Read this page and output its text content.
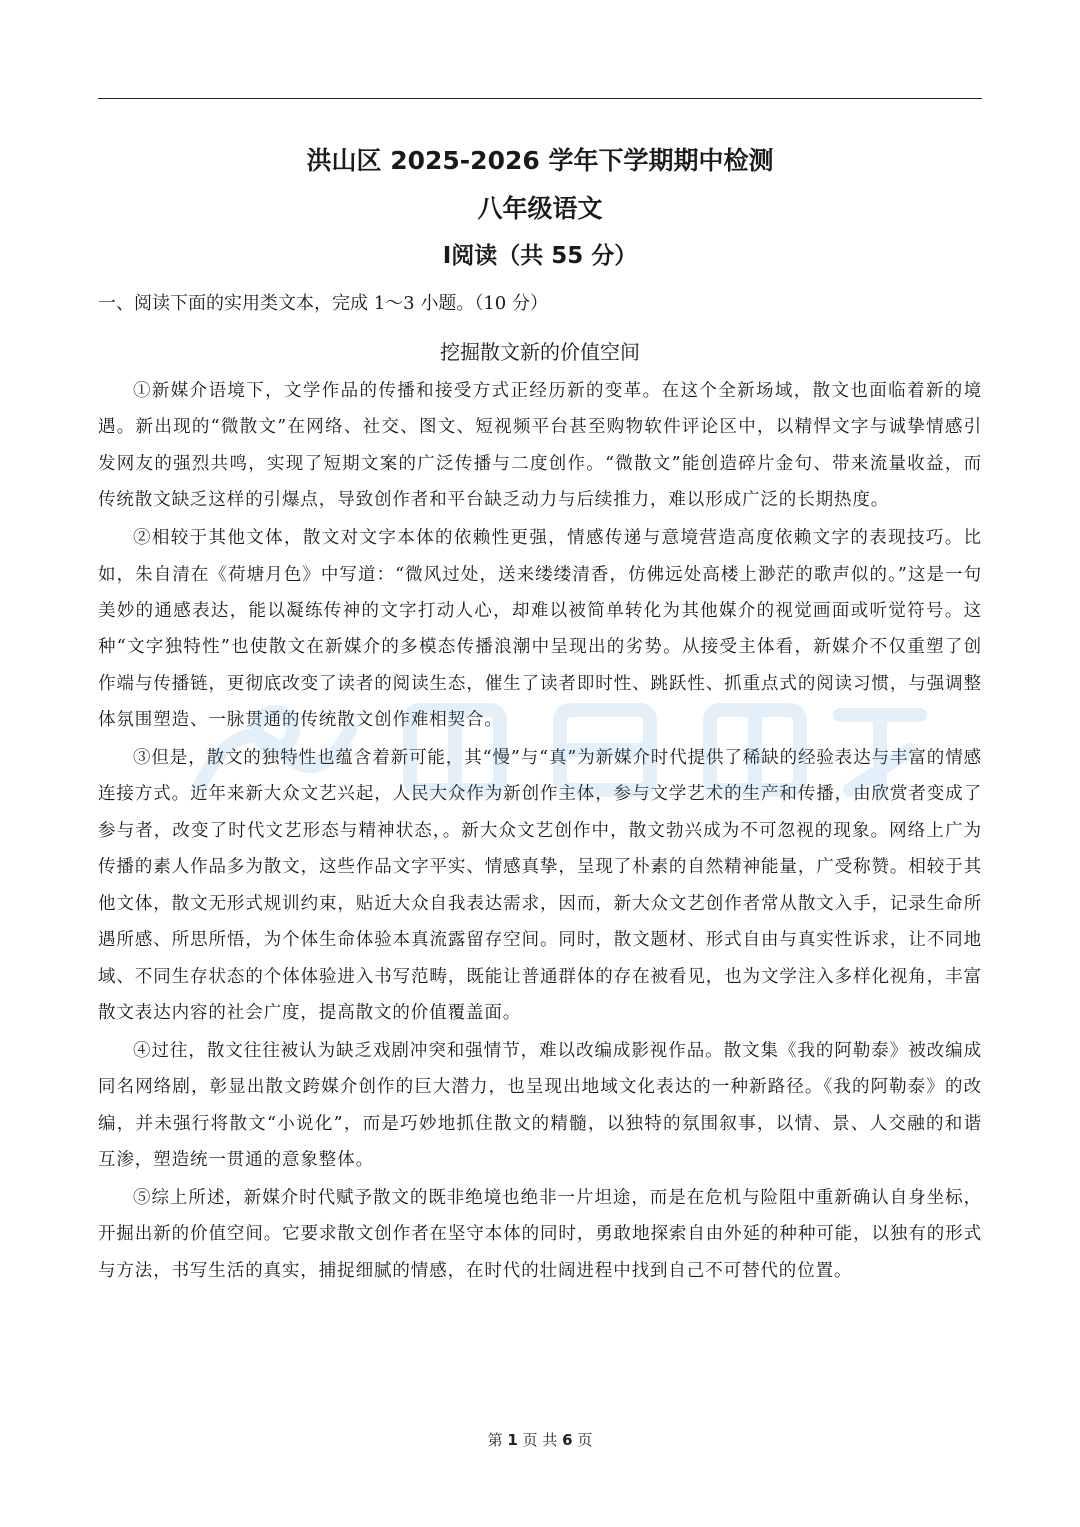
洪山区 2025-2026 学年下学期期中检测
八年级语文
Ⅰ阅读（共 55 分）
一、阅读下面的实用类文本，完成 1～3 小题。（10 分）
挖掘散文新的价值空间

①新媒介语境下，文学作品的传播和接受方式正经历新的变革。在这个全新场域，散文也面临着新的境遇。新出现的“微散文”在网络、社交、图文、短视频平台甚至购物软件评论区中，以精悍文字与诚挚情感引发网友的强烈共鸣，实现了短期文案的广泛传播与二度创作。“微散文”能创造碎片金句、带来流量收益，而传统散文缺乏这样的引爆点，导致创作者和平台缺乏动力与后续推力，难以形成广泛的长期热度。

②相较于其他文体，散文对文字本体的依赖性更强，情感传递与意境营造高度依赖文字的表现技巧。比如，朱自清在《荷塘月色》中写道：“微风过处，送来缕缕清香，仿佛远处高楼上渺茫的歌声似的。”这是一句美妙的通感表达，能以凝练传神的文字打动人心，却难以被简单转化为其他媒介的视觉画面或听觉符号。这种“文字独特性”也使散文在新媒介的多模态传播浪潮中呈现出的劣势。从接受主体看，新媒介不仅重塑了创作端与传播链，更彻底改变了读者的阅读生态，催生了读者即时性、跳跃性、抓重点式的阅读习惯，与强调整体氛围塑造、一脉贯通的传统散文创作难相契合。

③但是，散文的独特性也蕴含着新可能，其“慢”与“真”为新媒介时代提供了稀缺的经验表达与丰富的情感连接方式。近年来新大众文艺兴起，人民大众作为新创作主体，参与文学艺术的生产和传播，由欣赏者变成了参与者，改变了时代文艺形态与精神状态，。新大众文艺创作中，散文勃兴成为不可忽视的现象。网络上广为传播的素人作品多为散文，这些作品文字平实、情感真挚，呈现了朴素的自然精神能量，广受称赞。相较于其他文体，散文无形式规训约束，贴近大众自我表达需求，因而，新大众文艺创作者常从散文入手，记录生命所遇所感、所思所悟，为个体生命体验本真流露留存空间。同时，散文题材、形式自由与真实性诉求，让不同地域、不同生存状态的个体体验进入书写范畴，既能让普通群体的存在被看见，也为文学注入多样化视角，丰富散文表达内容的社会广度，提高散文的价值覆盖面。

④过往，散文往往被认为缺乏戏剧冲突和强情节，难以改编成影视作品。散文集《我的阿勒泰》被改编成同名网络剧，彰显出散文跨媒介创作的巨大潜力，也呈现出地域文化表达的一种新路径。《我的阿勒泰》的改编，并未强行将散文“小说化”，而是巧妙地抓住散文的精髓，以独特的氛围叙事，以情、景、人交融的和谐互渗，塑造统一贯通的意象整体。

⑤综上所述，新媒介时代赋予散文的既非绝境也绝非一片坦途，而是在危机与险阻中重新确认自身坐标，开掘出新的价值空间。它要求散文创作者在坚守本体的同时，勇敢地探索自由外延的种种可能，以独有的形式与方法，书写生活的真实，捕捉细腻的情感，在时代的壮阔进程中找到自己不可替代的位置。

第 1 页 共 6 页
